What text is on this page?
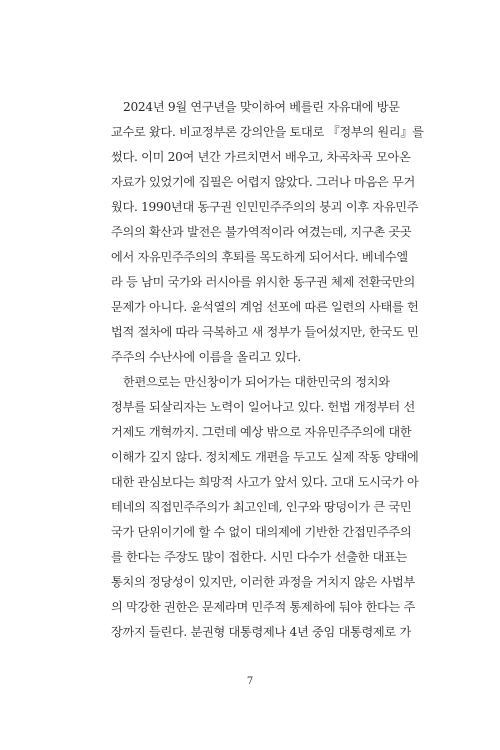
2024년 9월 연구년을 맞이하여 베를린 자유대에 방문
교수로 왔다. 비교정부론 강의안을 토대로 『정부의 원리』를
썼다. 이미 20여 년간 가르치면서 배우고, 차곡차곡 모아온
자료가 있었기에 집필은 어렵지 않았다. 그러나 마음은 무거
웠다. 1990년대 동구권 인민민주주의의 붕괴 이후 자유민주
주의의 확산과 발전은 불가역적이라 여겼는데, 지구촌 곳곳
에서 자유민주주의의 후퇴를 목도하게 되어서다. 베네수엘
라 등 남미 국가와 러시아를 위시한 동구권 체제 전환국만의
문제가 아니다. 윤석열의 계엄 선포에 따른 일련의 사태를 헌
법적 절차에 따라 극복하고 새 정부가 들어섰지만, 한국도 민
주주의 수난사에 이름을 올리고 있다.
한편으로는 만신창이가 되어가는 대한민국의 정치와
정부를 되살리자는 노력이 일어나고 있다. 헌법 개정부터 선
거제도 개혁까지. 그런데 예상 밖으로 자유민주주의에 대한
이해가 깊지 않다. 정치제도 개편을 두고도 실제 작동 양태에
대한 관심보다는 희망적 사고가 앞서 있다. 고대 도시국가 아
테네의 직접민주주의가 최고인데, 인구와 땅덩이가 큰 국민
국가 단위이기에 할 수 없이 대의제에 기반한 간접민주주의
를 한다는 주장도 많이 접한다. 시민 다수가 선출한 대표는
통치의 정당성이 있지만, 이러한 과정을 거치지 않은 사법부
의 막강한 권한은 문제라며 민주적 통제하에 둬야 한다는 주
장까지 들린다. 분권형 대통령제나 4년 중임 대통령제로 가
7
